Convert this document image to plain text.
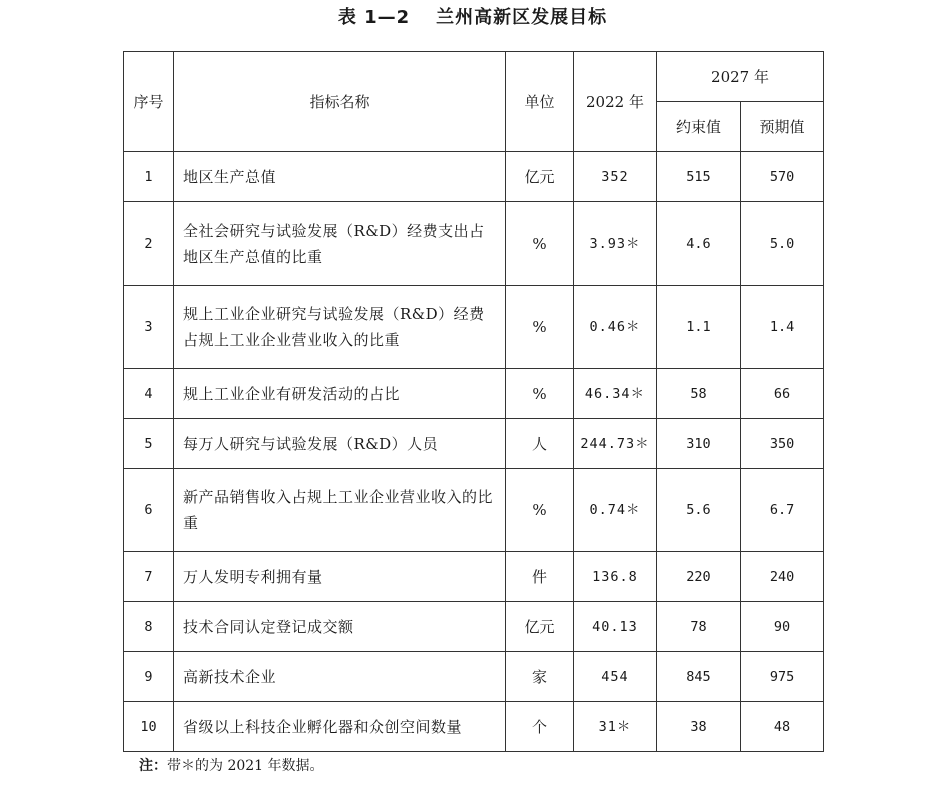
表 1—2 兰州高新区发展目标
序号	指标名称	单位	2022 年	2027 年	
				约束值	预期值
1	地区生产总值	亿元	352	515	570
2	全社会研究与试验发展（R&D）经费支出占地区生产总值的比重	%	3.93＊	4.6	5.0
3	规上工业企业研究与试验发展（R&D）经费占规上工业企业营业收入的比重	%	0.46＊	1.1	1.4
4	规上工业企业有研发活动的占比	%	46.34＊	58	66
5	每万人研究与试验发展（R&D）人员	人	244.73＊	310	350
6	新产品销售收入占规上工业企业营业收入的比重	%	0.74＊	5.6	6.7
7	万人发明专利拥有量	件	136.8	220	240
8	技术合同认定登记成交额	亿元	40.13	78	90
9	高新技术企业	家	454	845	975
10	省级以上科技企业孵化器和众创空间数量	个	31＊	38	48
注：带＊的为 2021 年数据。
